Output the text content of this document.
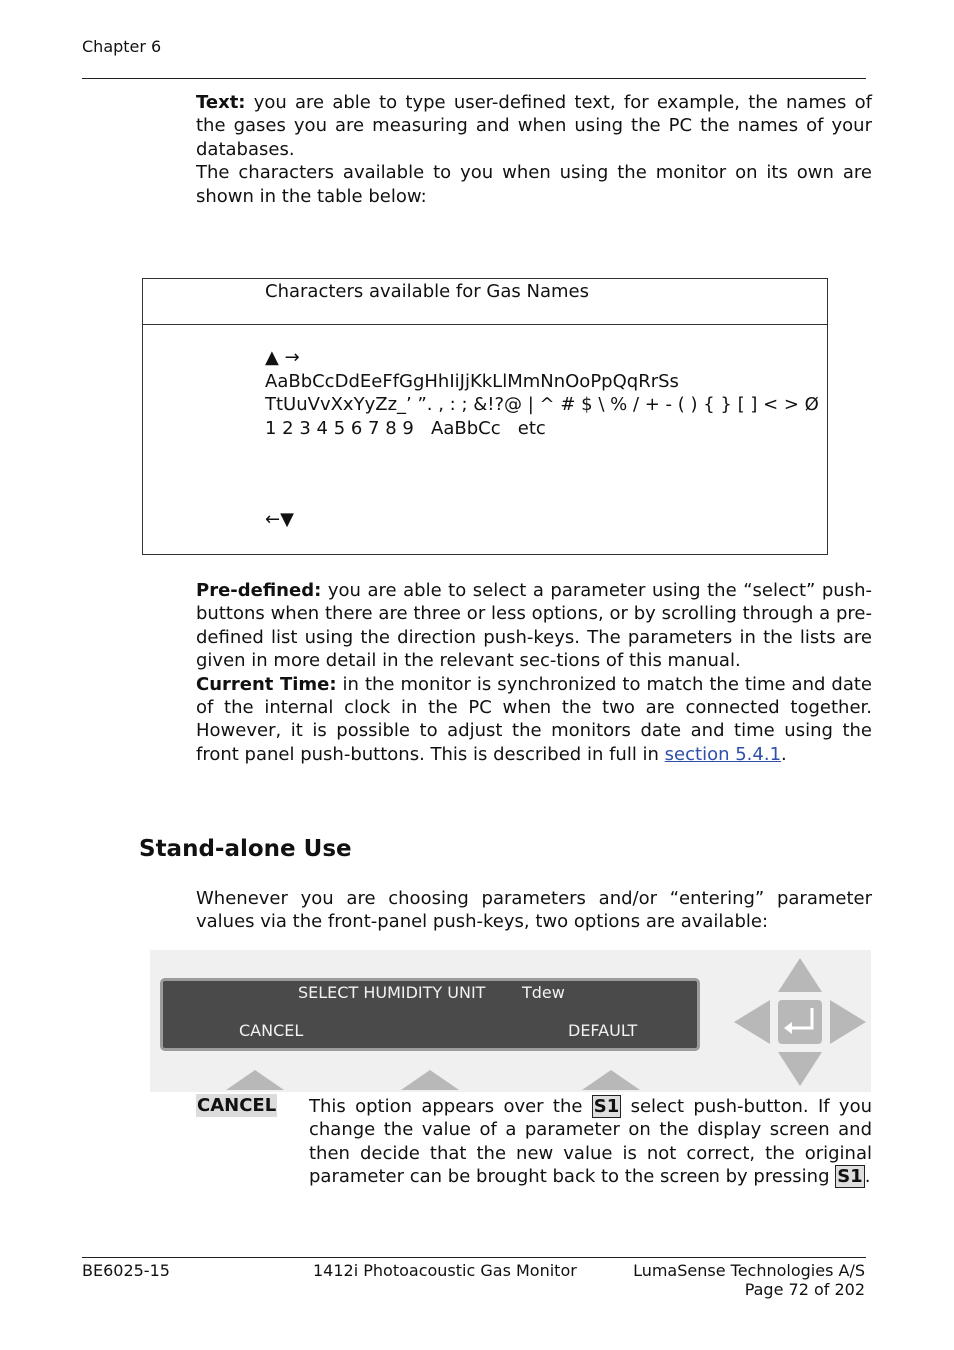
Chapter 6

Text: you are able to type user-defined text, for example, the names of the gases you are measuring and when using the PC the names of your databases.
The characters available to you when using the monitor on its own are shown in the table below:

Characters available for Gas Names
▲ →
AaBbCcDdEeFfGgHhIiJjKkLlMmNnOoPpQqRrSs
TtUuVvXxYyZz_’ ”. , : ; &!?@ | ^ # $ \ % / + - ( ) { } [ ] < > Ø
1 2 3 4 5 6 7 8 9   AaBbCc   etc
←▼

Pre-defined: you are able to select a parameter using the “select” push-buttons when there are three or less options, or by scrolling through a pre-defined list using the direction push-keys. The parameters in the lists are given in more detail in the relevant sec-tions of this manual.
Current Time: in the monitor is synchronized to match the time and date of the internal clock in the PC when the two are connected together. However, it is possible to adjust the monitors date and time using the front panel push-buttons. This is described in full in section 5.4.1.

Stand-alone Use

Whenever you are choosing parameters and/or “entering” parameter values via the front-panel push-keys, two options are available:

SELECT HUMIDITY UNIT Tdew
CANCEL	DEFAULT
CANCEL This option appears over the S1 select push-button. If you change the value of a parameter on the display screen and then decide that the new value is not correct, the original parameter can be brought back to the screen by pressing S1 .

BE6025-15	1412i Photoacoustic Gas Monitor	LumaSense Technologies A/S
Page 72 of 202
